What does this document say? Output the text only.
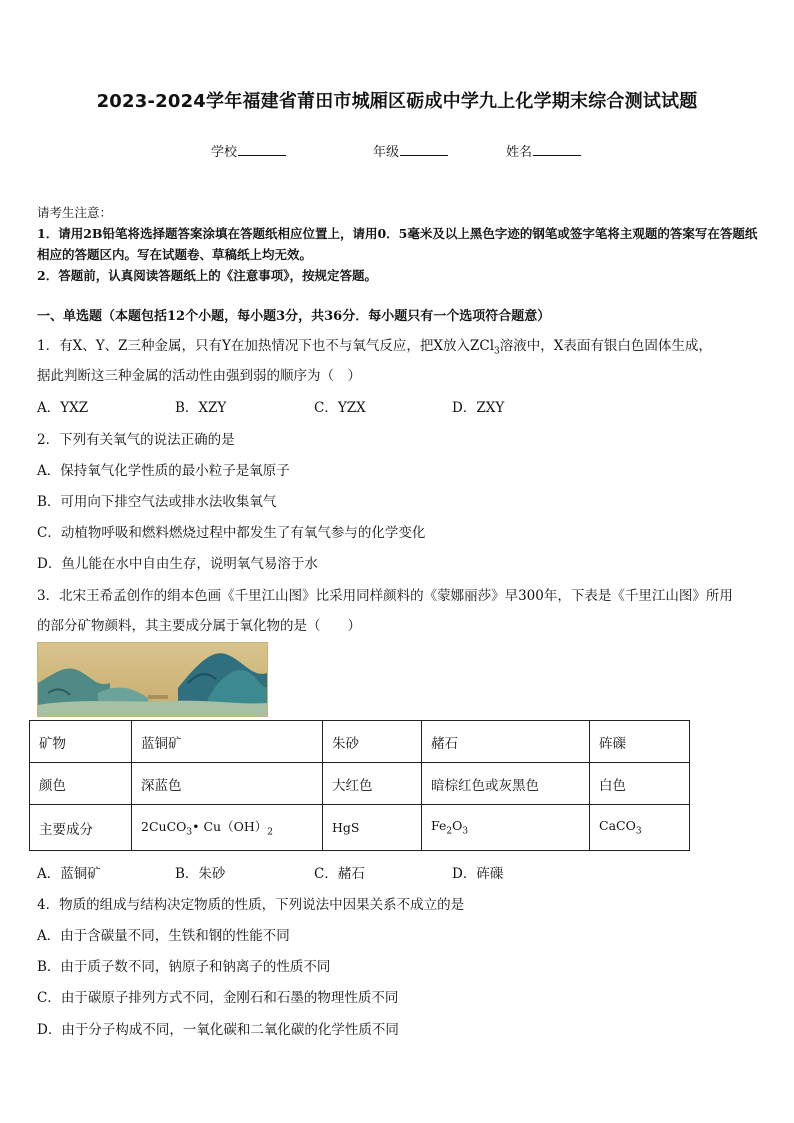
2023-2024学年福建省莆田市城厢区砺成中学九上化学期末综合测试试题
学校	年级	姓名
请考生注意：
1．请用2B铅笔将选择题答案涂填在答题纸相应位置上，请用0．5毫米及以上黑色字迹的钢笔或签字笔将主观题的答案写在答题纸相应的答题区内。写在试题卷、草稿纸上均无效。
2．答题前，认真阅读答题纸上的《注意事项》，按规定答题。
一、单选题（本题包括12个小题，每小题3分，共36分．每小题只有一个选项符合题意）
1．有X、Y、Z三种金属，只有Y在加热情况下也不与氧气反应，把X放入ZCl$_3$溶液中，X表面有银白色固体生成，
据此判断这三种金属的活动性由强到弱的顺序为（　）
A．YXZ	B．XZY	C．YZX	D．ZXY
2．下列有关氧气的说法正确的是
A．保持氧气化学性质的最小粒子是氧原子
B．可用向下排空气法或排水法收集氧气
C．动植物呼吸和燃料燃烧过程中都发生了有氧气参与的化学变化
D．鱼儿能在水中自由生存，说明氧气易溶于水
3．北宋王希孟创作的绢本色画《千里江山图》比采用同样颜料的《蒙娜丽莎》早300年，下表是《千里江山图》所用
的部分矿物颜料，其主要成分属于氧化物的是（　　）
矿物	蓝铜矿	朱砂	赭石	砗磲
颜色	深蓝色	大红色	暗棕红色或灰黑色	白色
主要成分	2CuCO$_3$• $Cu(OH)_2$	HgS	$Fe_2O_3$	CaCO$_3$
A．蓝铜矿	B．朱砂	C．赭石	D．砗磲
4．物质的组成与结构决定物质的性质，下列说法中因果关系不成立的是
A．由于含碳量不同，生铁和钢的性能不同
B．由于质子数不同，钠原子和钠离子的性质不同
C．由于碳原子排列方式不同，金刚石和石墨的物理性质不同
D．由于分子构成不同，一氧化碳和二氧化碳的化学性质不同
